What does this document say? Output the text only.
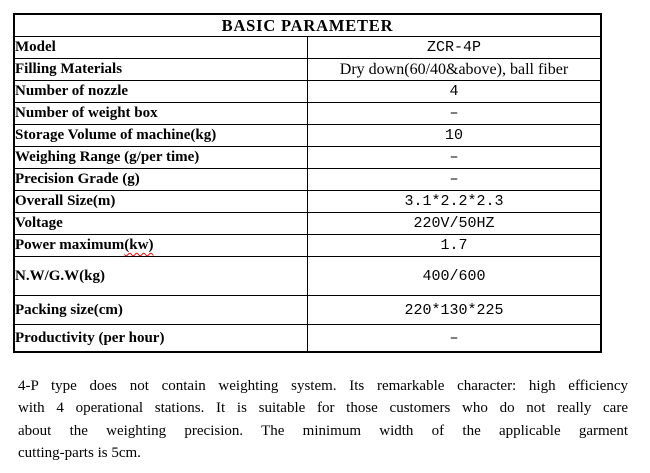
BASIC PARAMETER	
Model	ZCR-4P
Filling Materials	Dry down(60/40&above), ball fiber
Number of nozzle	4
Number of weight box	–
Storage Volume of machine(kg)	10
Weighing Range (g/per time)	–
Precision Grade (g)	–
Overall Size(m)	3.1*2.2*2.3
Voltage	220V/50HZ
Power maximum(kw)	1.7
N.W/G.W(kg)	400/600
Packing size(cm)	220*130*225
Productivity (per hour)	–
4-P type does not contain weighting system. Its remarkable character: high efficiency
with 4 operational stations. It is suitable for those customers who do not really care
about the weighting precision. The minimum width of the applicable garment
cutting-parts is 5cm.
